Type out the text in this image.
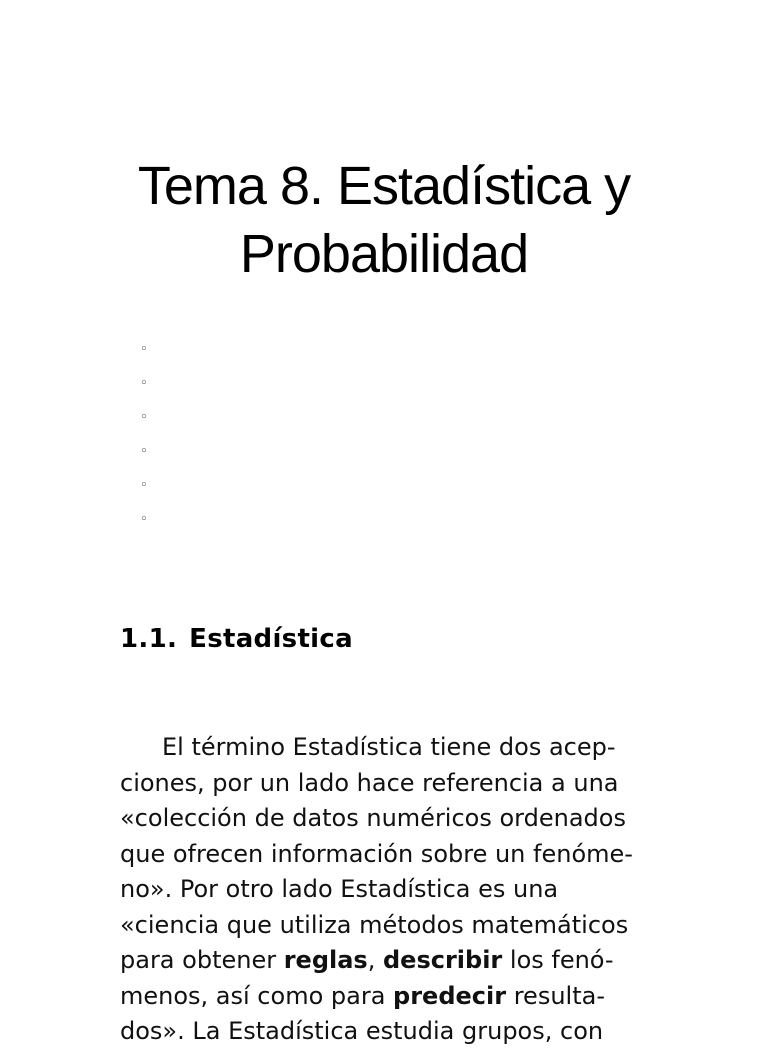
Tema 8. Estadística y
Probabilidad
◦
◦
◦
◦
◦
◦
1.1. Estadística

El término Estadística tiene dos acep-
ciones, por un lado hace referencia a una
«colección de datos numéricos ordenados
que ofrecen información sobre un fenóme-
no». Por otro lado Estadística es una
«ciencia que utiliza métodos matemáticos
para obtener reglas, describir los fenó-
menos, así como para predecir resulta-
dos». La Estadística estudia grupos, con
